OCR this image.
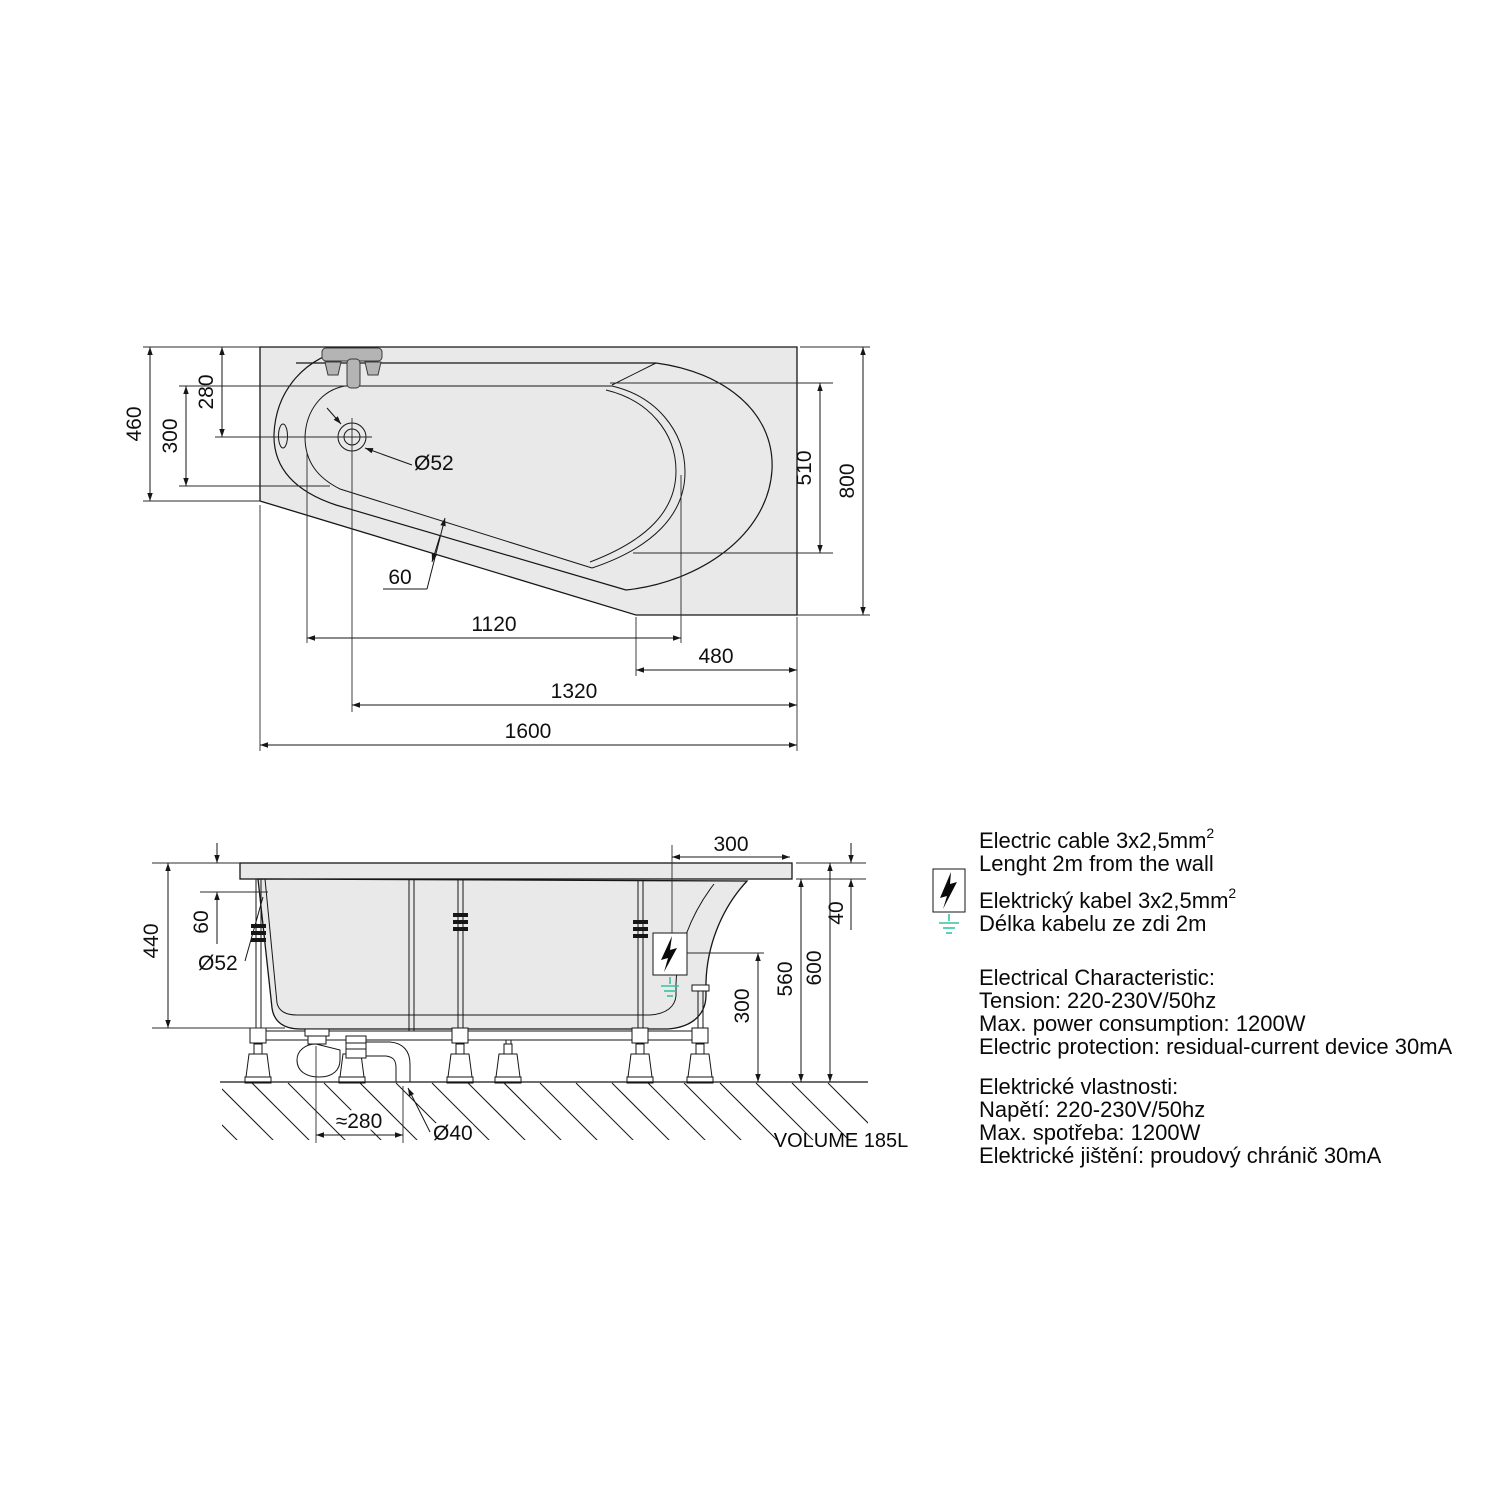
Ø52
60
460 300
280
510 800
1120
480
1320
1600
440
60
Ø52
300
40
600
560
300
≈280
Ø40	VOLUME 185L
Electric cable $3x2,5mm^2$
Lenght 2m from the wall
Elektrický kabel $3x2,5mm^2$
Délka kabelu ze zdi 2m
Electrical Characteristic:
Tension: 220-230V/50hz
Max. power consumption: 1200W
Electric protection: residual-current device 30mA
Elektrické vlastnosti:
Napětí: 220-230V/50hz
Max. spotřeba: 1200W
Elektrické jištění: proudový chránič 30mA
